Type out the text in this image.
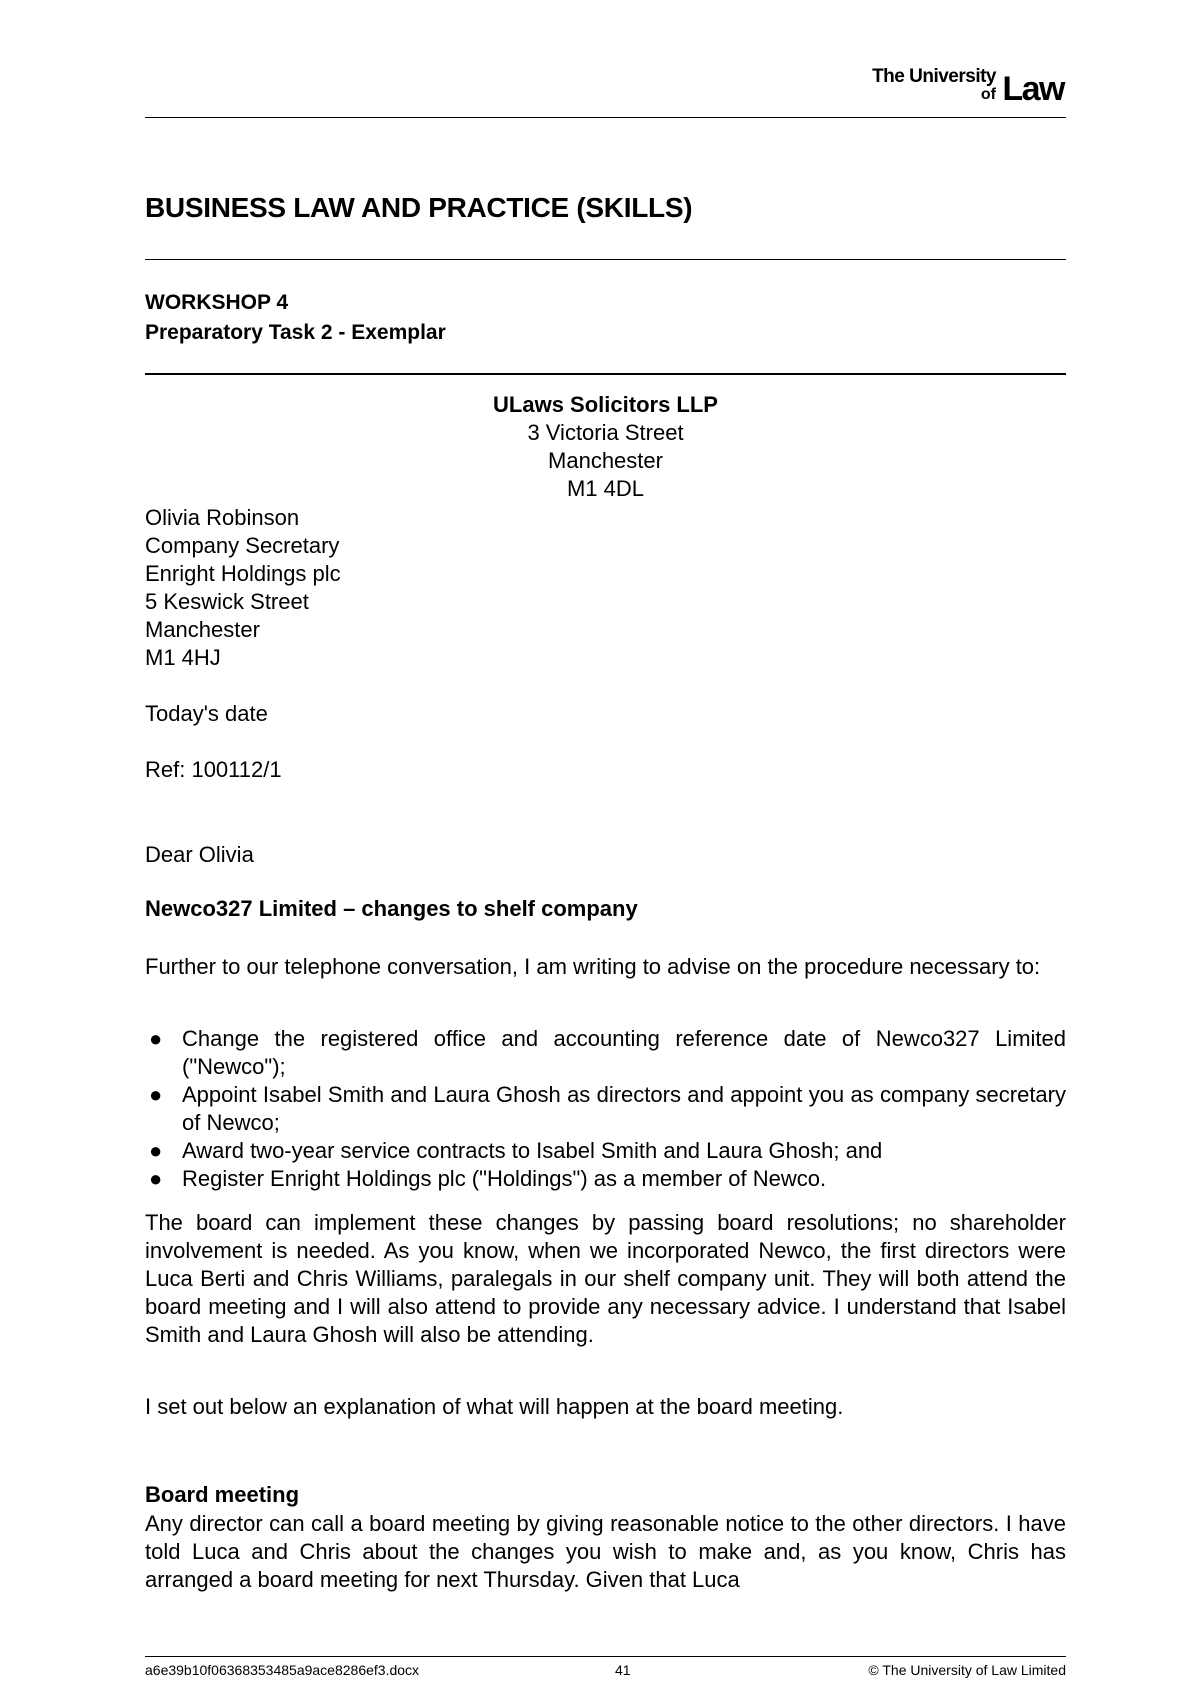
The University
of Law
BUSINESS LAW AND PRACTICE (SKILLS)
WORKSHOP 4
Preparatory Task 2 - Exemplar
ULaws Solicitors LLP
3 Victoria Street
Manchester
M1 4DL
Olivia Robinson
Company Secretary
Enright Holdings plc
5 Keswick Street
Manchester
M1 4HJ
Today's date
Ref: 100112/1
Dear Olivia
Newco327 Limited – changes to shelf company
Further to our telephone conversation, I am writing to advise on the procedure necessary to:
● Change the registered office and accounting reference date of Newco327 Limited ("Newco");
● Appoint Isabel Smith and Laura Ghosh as directors and appoint you as company secretary of Newco;
● Award two-year service contracts to Isabel Smith and Laura Ghosh; and
● Register Enright Holdings plc ("Holdings") as a member of Newco.
The board can implement these changes by passing board resolutions; no shareholder involvement is needed. As you know, when we incorporated Newco, the first directors were Luca Berti and Chris Williams, paralegals in our shelf company unit. They will both attend the board meeting and I will also attend to provide any necessary advice. I understand that Isabel Smith and Laura Ghosh will also be attending.
I set out below an explanation of what will happen at the board meeting.
Board meeting
Any director can call a board meeting by giving reasonable notice to the other directors. I have told Luca and Chris about the changes you wish to make and, as you know, Chris has arranged a board meeting for next Thursday. Given that Luca
a6e39b10f06368353485a9ace8286ef3.docx	41	© The University of Law Limited
